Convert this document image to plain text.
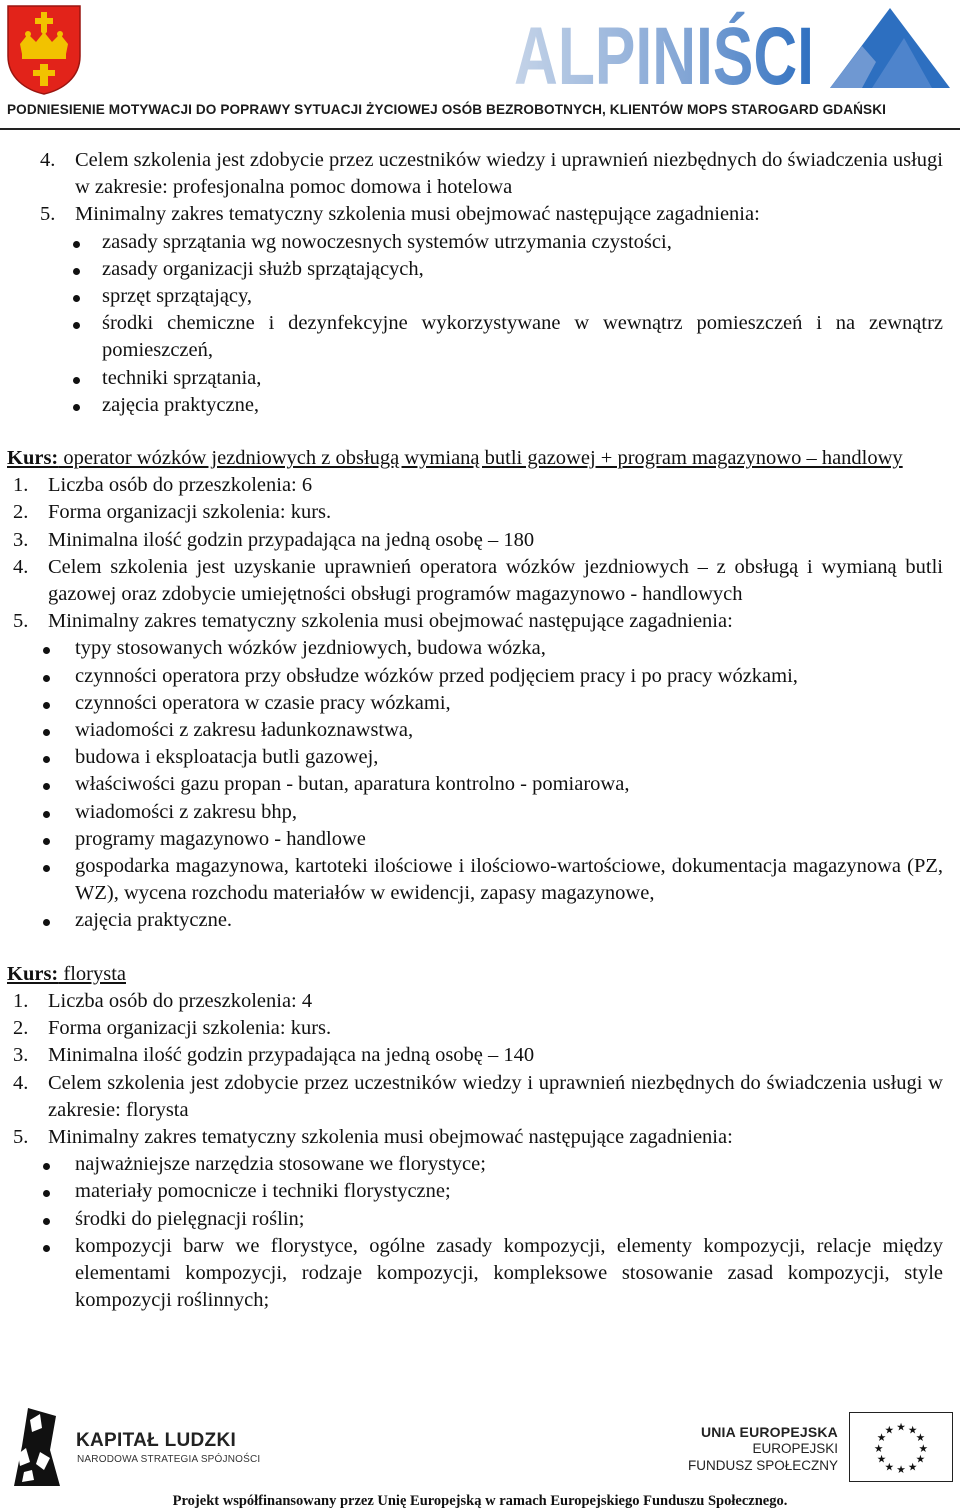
ALPINIŚCI
PODNIESIENIE MOTYWACJI DO POPRAWY SYTUACJI ŻYCIOWEJ OSÓB BEZROBOTNYCH, KLIENTÓW MOPS STAROGARD GDAŃSKI
4. Celem szkolenia jest zdobycie przez uczestników wiedzy i uprawnień niezbędnych do świadczenia usługi w zakresie: profesjonalna pomoc domowa i hotelowa
5. Minimalny zakres tematyczny szkolenia musi obejmować następujące zagadnienia:
zasady sprzątania wg nowoczesnych systemów utrzymania czystości,
zasady organizacji służb sprzątających,
sprzęt sprzątający,
środki chemiczne i dezynfekcyjne wykorzystywane w wewnątrz pomieszczeń i na zewnątrz pomieszczeń,
techniki sprzątania,
zajęcia praktyczne,
Kurs: operator wózków jezdniowych z obsługą wymianą butli gazowej + program magazynowo – handlowy
1. Liczba osób do przeszkolenia: 6
2. Forma organizacji szkolenia: kurs.
3. Minimalna ilość godzin przypadająca na jedną osobę – 180
4. Celem szkolenia jest uzyskanie uprawnień operatora wózków jezdniowych – z obsługą i wymianą butli gazowej oraz zdobycie umiejętności obsługi programów magazynowo - handlowych
5. Minimalny zakres tematyczny szkolenia musi obejmować następujące zagadnienia:
typy stosowanych wózków jezdniowych, budowa wózka,
czynności operatora przy obsłudze wózków przed podjęciem pracy i po pracy wózkami,
czynności operatora w czasie pracy wózkami,
wiadomości z zakresu ładunkoznawstwa,
budowa i eksploatacja butli gazowej,
właściwości gazu propan - butan, aparatura kontrolno - pomiarowa,
wiadomości z zakresu bhp,
programy magazynowo - handlowe
gospodarka magazynowa, kartoteki ilościowe i ilościowo-wartościowe, dokumentacja magazynowa (PZ, WZ), wycena rozchodu materiałów w ewidencji, zapasy magazynowe,
zajęcia praktyczne.
Kurs: florysta
1. Liczba osób do przeszkolenia: 4
2. Forma organizacji szkolenia: kurs.
3. Minimalna ilość godzin przypadająca na jedną osobę – 140
4. Celem szkolenia jest zdobycie przez uczestników wiedzy i uprawnień niezbędnych do świadczenia usługi w zakresie: florysta
5. Minimalny zakres tematyczny szkolenia musi obejmować następujące zagadnienia:
najważniejsze narzędzia stosowane we florystyce;
materiały pomocnicze i techniki florystyczne;
środki do pielęgnacji roślin;
kompozycji barw we florystyce, ogólne zasady kompozycji, elementy kompozycji, relacje między elementami kompozycji, rodzaje kompozycji, kompleksowe stosowanie zasad kompozycji, style kompozycji roślinnych;
KAPITAŁ LUDZKI
NARODOWA STRATEGIA SPÓJNOŚCI
UNIA EUROPEJSKA
EUROPEJSKI
FUNDUSZ SPOŁECZNY
★ ★
★
★
★
★
★
★
★
★
★
★
Projekt współfinansowany przez Unię Europejską w ramach Europejskiego Funduszu Społecznego.
